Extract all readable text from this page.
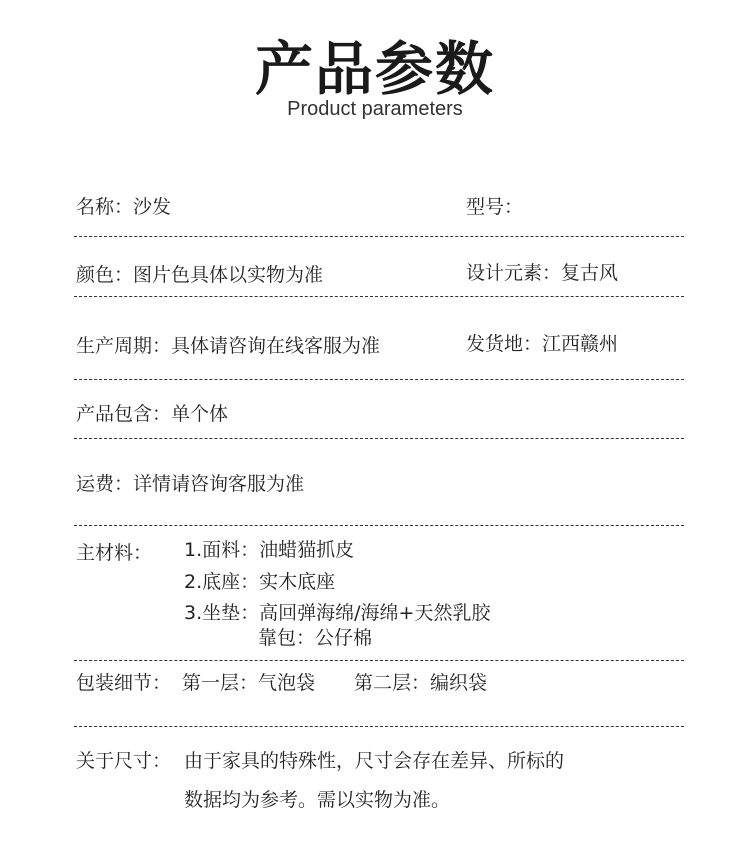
产品参数
Product parameters
名称：沙发	型号：
颜色：图片色具体以实物为准	设计元素：复古风
生产周期：具体请咨询在线客服为准	发货地：江西赣州
产品包含：单个体
运费：详情请咨询客服为准
主材料： 1.面料：油蜡猫抓皮
2.底座：实木底座
3.坐垫：高回弹海绵/海绵+天然乳胶
靠包：公仔棉
包装细节： 第一层：气泡袋 第二层：编织袋
关于尺寸： 由于家具的特殊性，尺寸会存在差异、所标的
数据均为参考。需以实物为准。
